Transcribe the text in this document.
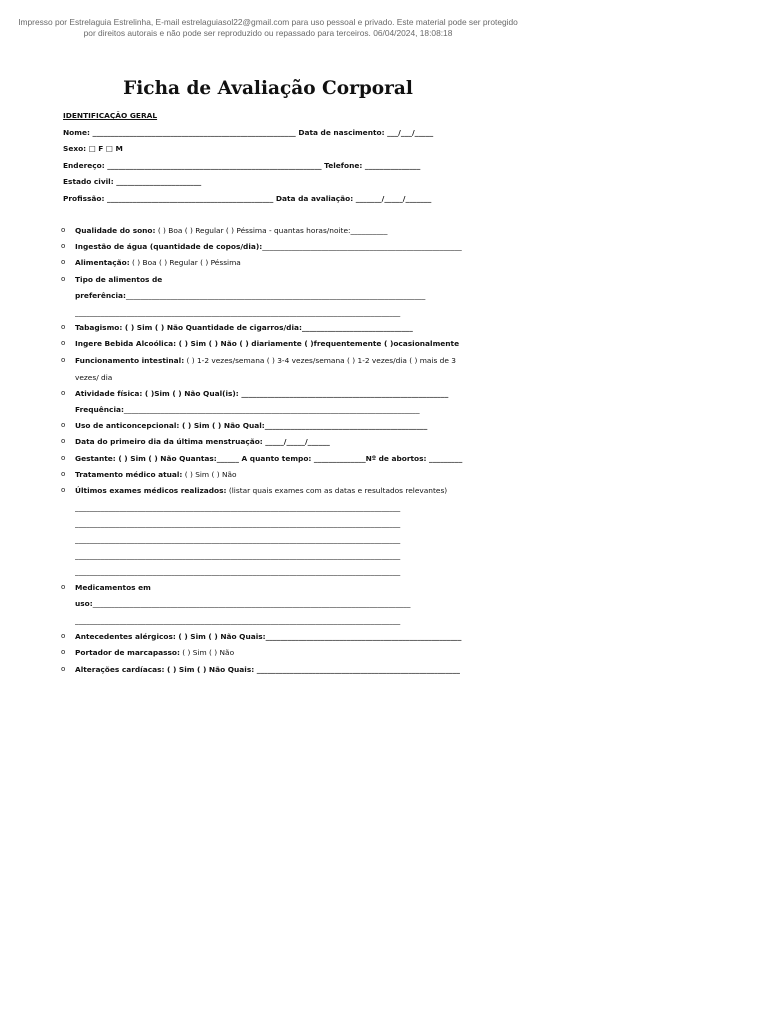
Impresso por Estrelaguia Estrelinha, E-mail estrelaguiasol22@gmail.com para uso pessoal e privado. Este material pode ser protegido
por direitos autorais e não pode ser reproduzido ou repassado para terceiros. 06/04/2024, 18:08:18
Ficha de Avaliação Corporal
IDENTIFICAÇÃO GERAL
Nome: _______________________________________________________ Data de nascimento: ___/___/_____
Sexo: □ F □ M
Endereço: __________________________________________________________ Telefone: _______________
Estado civil: _______________________
Profissão: _____________________________________________ Data da avaliação: _______/_____/_______
o Qualidade do sono: ( ) Boa ( ) Regular ( ) Péssima - quantas horas/noite:__________
o Ingestão de água (quantidade de copos/dia):______________________________________________________
o Alimentação: ( ) Boa ( ) Regular ( ) Péssima
o Tipo de alimentos de
preferência:_________________________________________________________________________________
________________________________________________________________________________________
o Tabagismo: ( ) Sim ( ) Não Quantidade de cigarros/dia:______________________________
o Ingere Bebida Alcoólica: ( ) Sim ( ) Não ( ) diariamente ( )frequentemente ( )ocasionalmente
o Funcionamento intestinal: ( ) 1-2 vezes/semana ( ) 3-4 vezes/semana ( ) 1-2 vezes/dia ( ) mais de 3
vezes/ dia
o Atividade física: ( )Sim ( ) Não Qual(is): ________________________________________________________
Frequência:________________________________________________________________________________
o Uso de anticoncepcional: ( ) Sim ( ) Não Qual:____________________________________________
o Data do primeiro dia da última menstruação: _____/_____/______
o Gestante: ( ) Sim ( ) Não Quantas:______ A quanto tempo: ______________Nº de abortos: _________
o Tratamento médico atual: ( ) Sim ( ) Não
o Últimos exames médicos realizados: (listar quais exames com as datas e resultados relevantes)
________________________________________________________________________________________
________________________________________________________________________________________
________________________________________________________________________________________
________________________________________________________________________________________
________________________________________________________________________________________
o Medicamentos em
uso:______________________________________________________________________________________
________________________________________________________________________________________
o Antecedentes alérgicos: ( ) Sim ( ) Não Quais:_____________________________________________________
o Portador de marcapasso: ( ) Sim ( ) Não
o Alterações cardíacas: ( ) Sim ( ) Não Quais: _______________________________________________________
